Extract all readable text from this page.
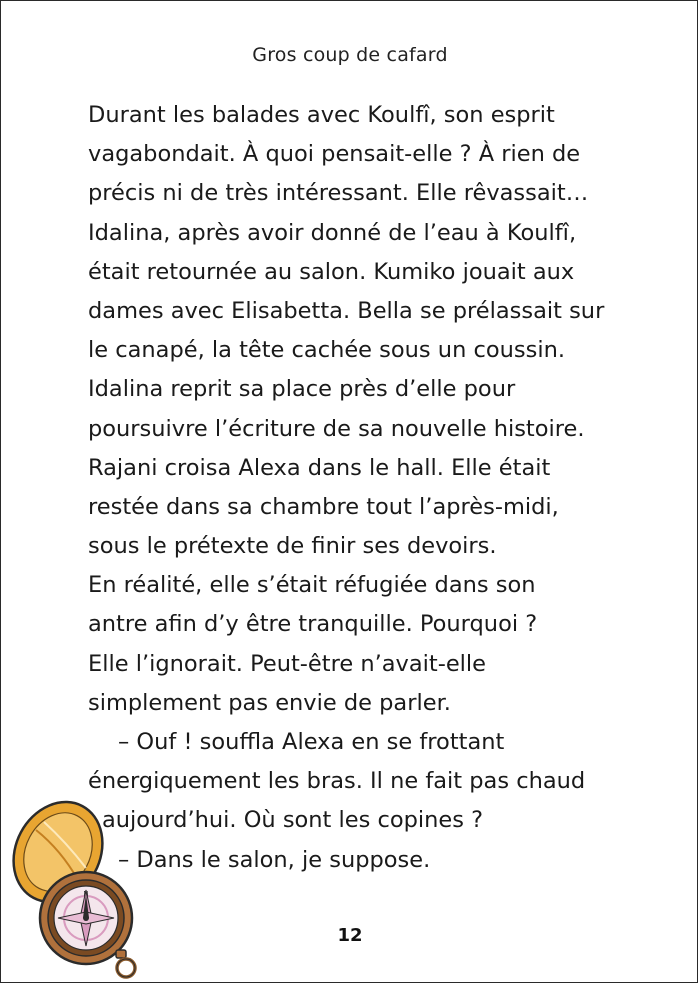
Gros coup de cafard
Durant les balades avec Koulfî, son esprit
vagabondait. À quoi pensait-elle ? À rien de
précis ni de très intéressant. Elle rêvassait…
Idalina, après avoir donné de l’eau à Koulfî,
était retournée au salon. Kumiko jouait aux
dames avec Elisabetta. Bella se prélassait sur
le canapé, la tête cachée sous un coussin.
Idalina reprit sa place près d’elle pour
poursuivre l’écriture de sa nouvelle histoire.
Rajani croisa Alexa dans le hall. Elle était
restée dans sa chambre tout l’après-midi,
sous le prétexte de finir ses devoirs.
En réalité, elle s’était réfugiée dans son
antre afin d’y être tranquille. Pourquoi ?
Elle l’ignorait. Peut-être n’avait-elle
simplement pas envie de parler.
– Ouf ! souffla Alexa en se frottant
énergiquement les bras. Il ne fait pas chaud
aujourd’hui. Où sont les copines ?
– Dans le salon, je suppose.
N
12
